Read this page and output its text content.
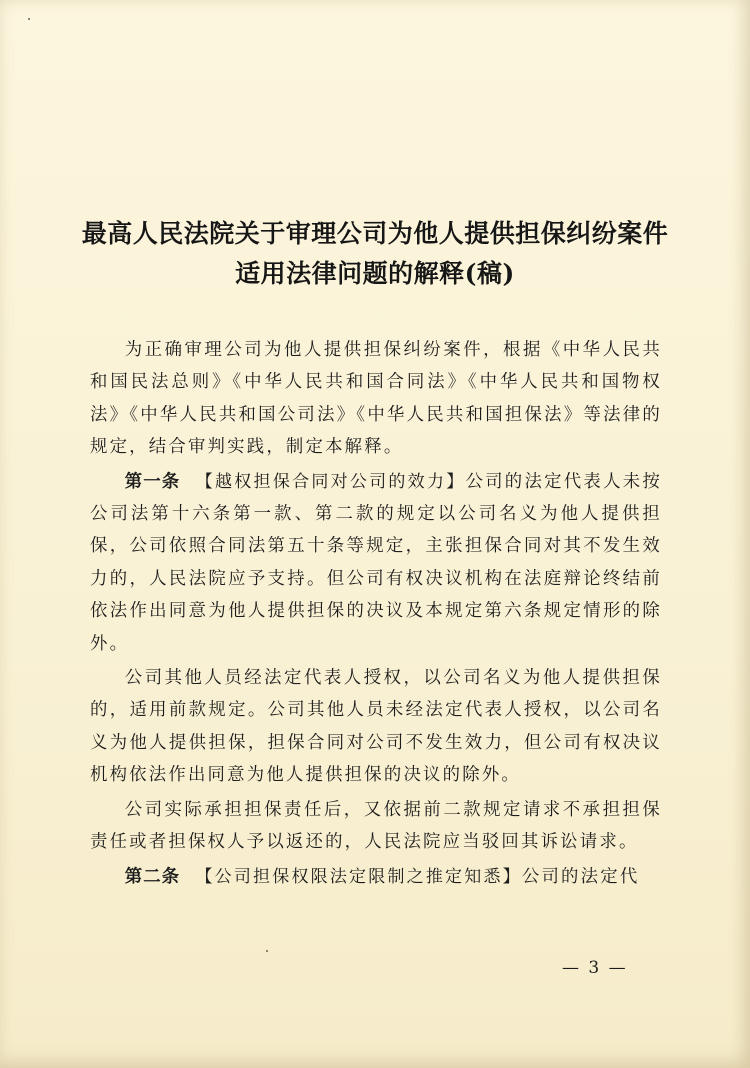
最高人民法院关于审理公司为他人提供担保纠纷案件
适用法律问题的解释(稿)

为正确审理公司为他人提供担保纠纷案件，根据《中华人民共和国民法总则》《中华人民共和国合同法》《中华人民共和国物权法》《中华人民共和国公司法》《中华人民共和国担保法》等法律的规定，结合审判实践，制定本解释。

第一条 【越权担保合同对公司的效力】公司的法定代表人未按公司法第十六条第一款、第二款的规定以公司名义为他人提供担保，公司依照合同法第五十条等规定，主张担保合同对其不发生效力的，人民法院应予支持。但公司有权决议机构在法庭辩论终结前依法作出同意为他人提供担保的决议及本规定第六条规定情形的除外。

公司其他人员经法定代表人授权，以公司名义为他人提供担保的，适用前款规定。公司其他人员未经法定代表人授权，以公司名义为他人提供担保，担保合同对公司不发生效力，但公司有权决议机构依法作出同意为他人提供担保的决议的除外。

公司实际承担担保责任后，又依据前二款规定请求不承担担保责任或者担保权人予以返还的，人民法院应当驳回其诉讼请求。

第二条 【公司担保权限法定限制之推定知悉】公司的法定代

— 3 —
